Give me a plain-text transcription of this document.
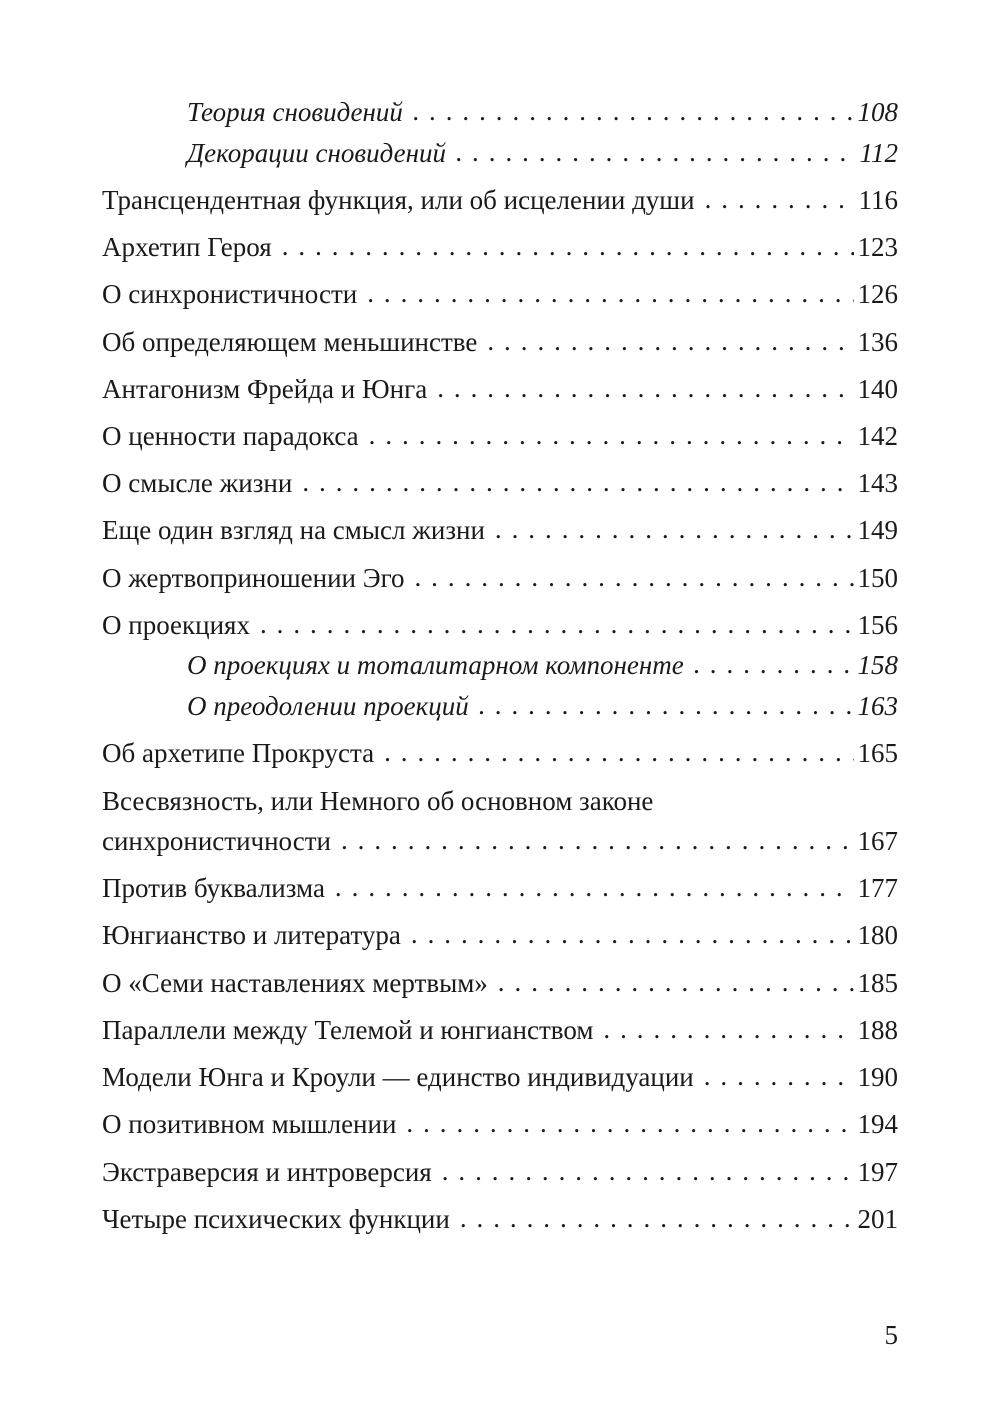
Теория сновидений . . .	108
Декорации сновидений . . .	112
Трансцендентная функция, или об исцелении души . . .	116
Архетип Героя . . .	123
О синхронистичности . . .	126
Об определяющем меньшинстве . . .	136
Антагонизм Фрейда и Юнга . . .	140
О ценности парадокса . . .	142
О смысле жизни . . .	143
Еще один взгляд на смысл жизни . . .	149
О жертвоприношении Эго . . .	150
О проекциях . . .	156
О проекциях и тоталитарном компоненте . . .	158
О преодолении проекций . . .	163
Об архетипе Прокруста . . .	165
Всесвязность, или Немного об основном законе
синхронистичности . . .	167
Против буквализма . . .	177
Юнгианство и литература . . .	180
О «Семи наставлениях мертвым» . . .	185
Параллели между Телемой и юнгианством . . .	188
Модели Юнга и Кроули — единство индивидуации . . .	190
О позитивном мышлении . . .	194
Экстраверсия и интроверсия . . .	197
Четыре психических функции . . .	201
5
